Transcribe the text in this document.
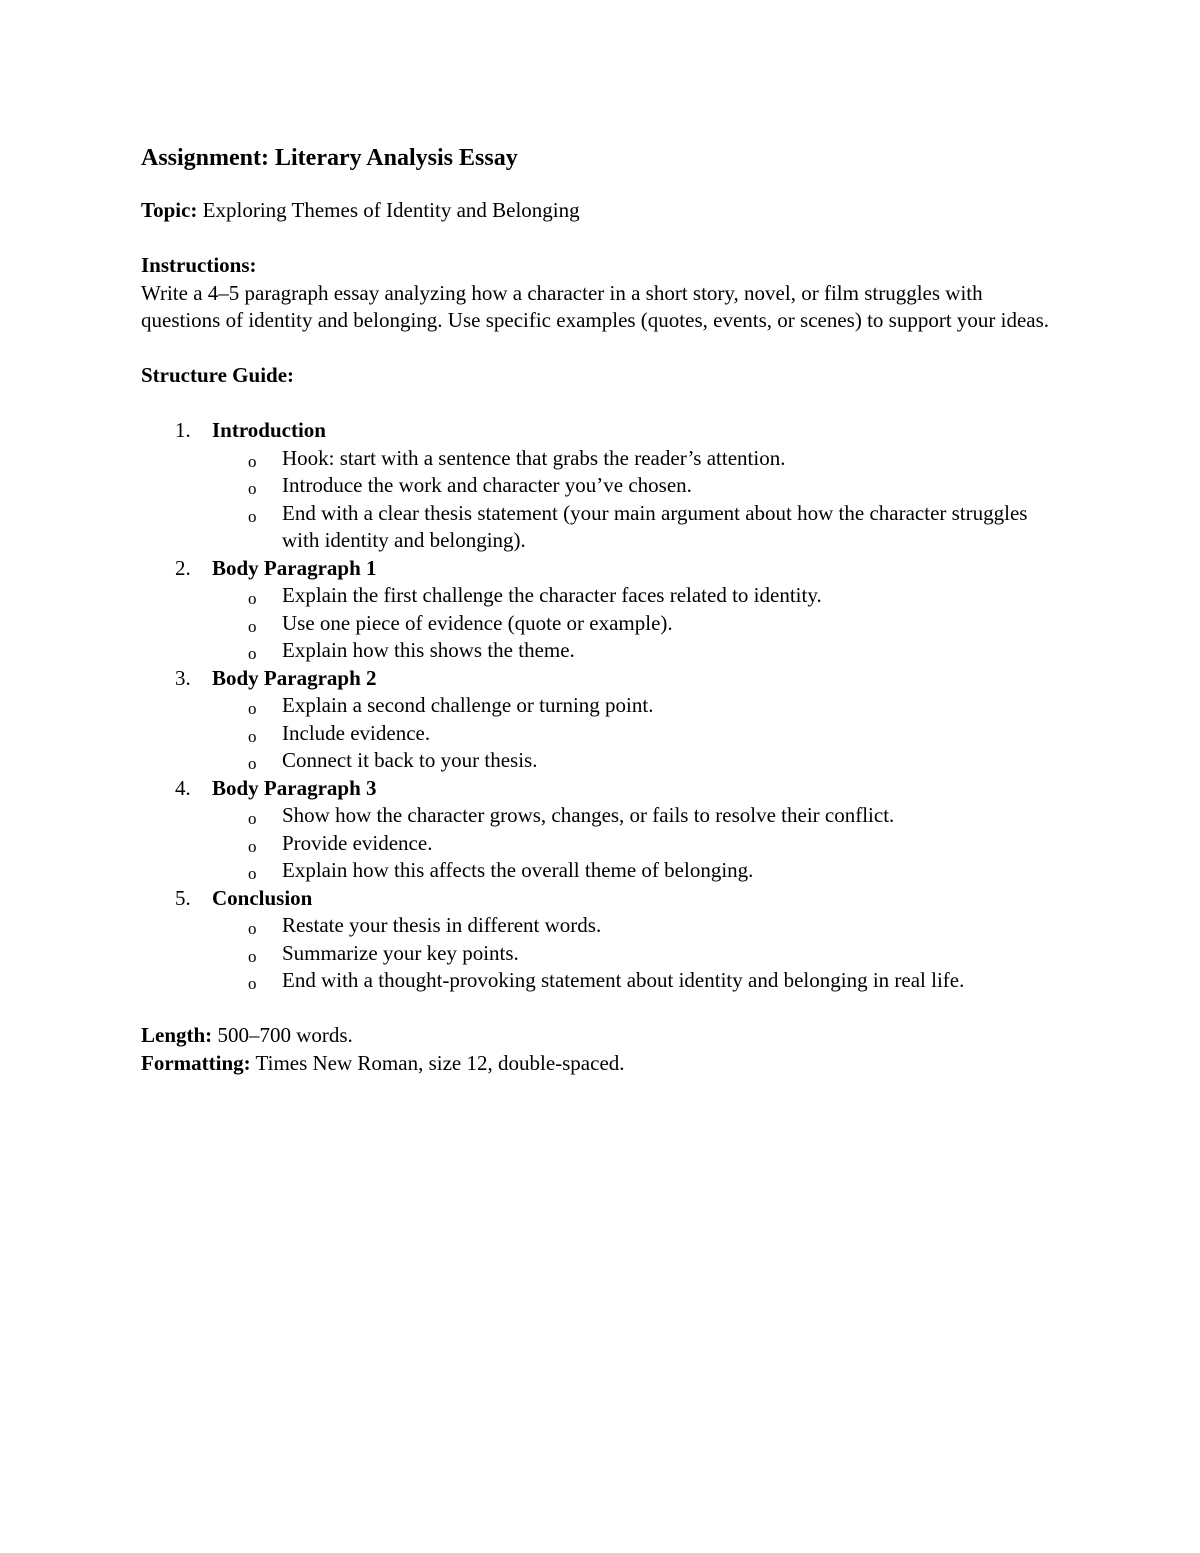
Assignment: Literary Analysis Essay

Topic: Exploring Themes of Identity and Belonging

Instructions:

Write a 4–5 paragraph essay analyzing how a character in a short story, novel, or film struggles with questions of identity and belonging. Use specific examples (quotes, events, or scenes) to support your ideas.

Structure Guide:

1. Introduction
o Hook: start with a sentence that grabs the reader’s attention.
o Introduce the work and character you’ve chosen.
o End with a clear thesis statement (your main argument about how the character struggles with identity and belonging).
2. Body Paragraph 1
o Explain the first challenge the character faces related to identity.
o Use one piece of evidence (quote or example).
o Explain how this shows the theme.
3. Body Paragraph 2
o Explain a second challenge or turning point.
o Include evidence.
o Connect it back to your thesis.
4. Body Paragraph 3
o Show how the character grows, changes, or fails to resolve their conflict.
o Provide evidence.
o Explain how this affects the overall theme of belonging.
5. Conclusion
o Restate your thesis in different words.
o Summarize your key points.
o End with a thought-provoking statement about identity and belonging in real life.

Length: 500–700 words.

Formatting: Times New Roman, size 12, double-spaced.
